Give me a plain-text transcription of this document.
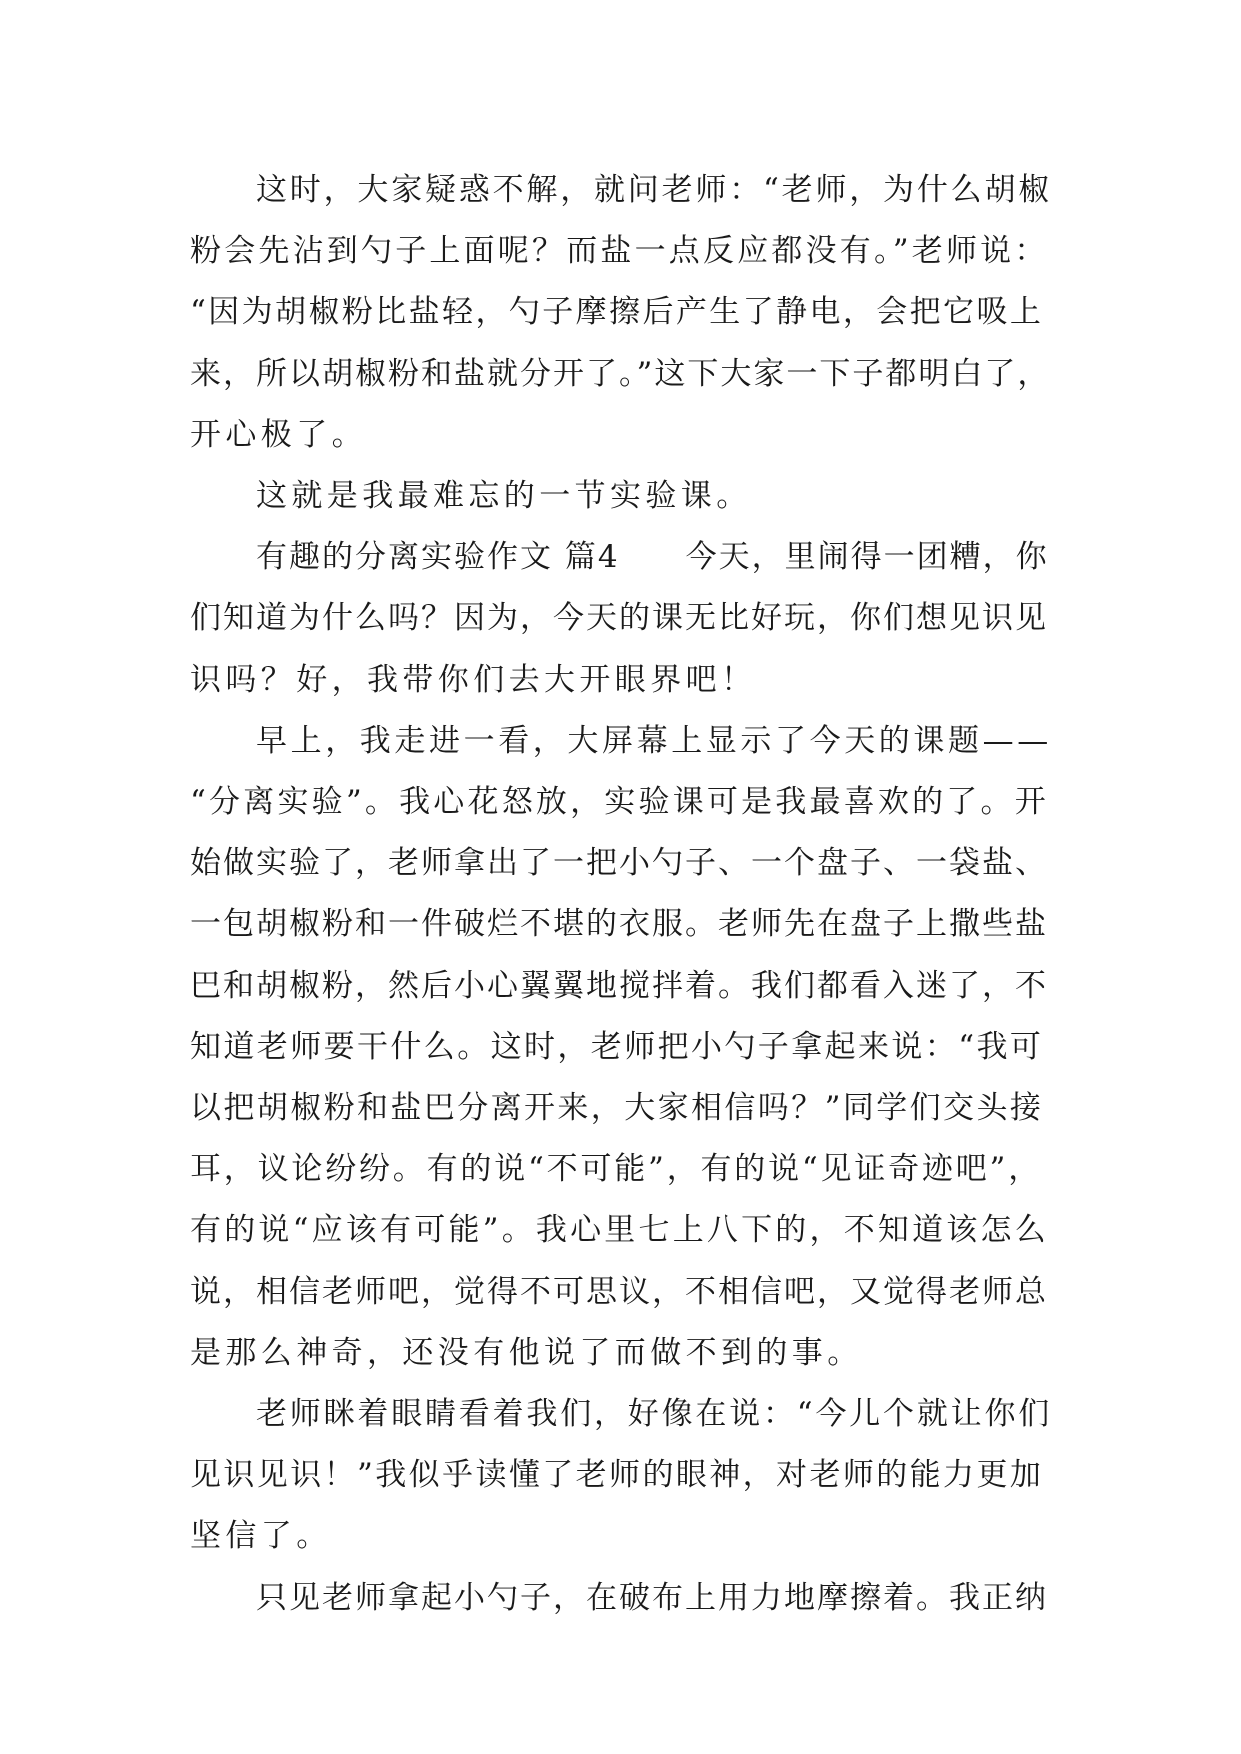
这时，大家疑惑不解，就问老师：“老师，为什么胡椒
粉会先沾到勺子上面呢？而盐一点反应都没有。”老师说：
“因为胡椒粉比盐轻，勺子摩擦后产生了静电，会把它吸上
来，所以胡椒粉和盐就分开了。”这下大家一下子都明白了，
开心极了。
这就是我最难忘的一节实验课。
有趣的分离实验作文 篇4　　今天，里闹得一团糟，你
们知道为什么吗？因为，今天的课无比好玩，你们想见识见
识吗？好，我带你们去大开眼界吧！
早上，我走进一看，大屏幕上显示了今天的课题——
“分离实验”。我心花怒放，实验课可是我最喜欢的了。开
始做实验了，老师拿出了一把小勺子、一个盘子、一袋盐、
一包胡椒粉和一件破烂不堪的衣服。老师先在盘子上撒些盐
巴和胡椒粉，然后小心翼翼地搅拌着。我们都看入迷了，不
知道老师要干什么。这时，老师把小勺子拿起来说：“我可
以把胡椒粉和盐巴分离开来，大家相信吗？”同学们交头接
耳，议论纷纷。有的说“不可能”，有的说“见证奇迹吧”，
有的说“应该有可能”。我心里七上八下的，不知道该怎么
说，相信老师吧，觉得不可思议，不相信吧，又觉得老师总
是那么神奇，还没有他说了而做不到的事。
老师眯着眼睛看着我们，好像在说：“今儿个就让你们
见识见识！”我似乎读懂了老师的眼神，对老师的能力更加
坚信了。
只见老师拿起小勺子，在破布上用力地摩擦着。我正纳
